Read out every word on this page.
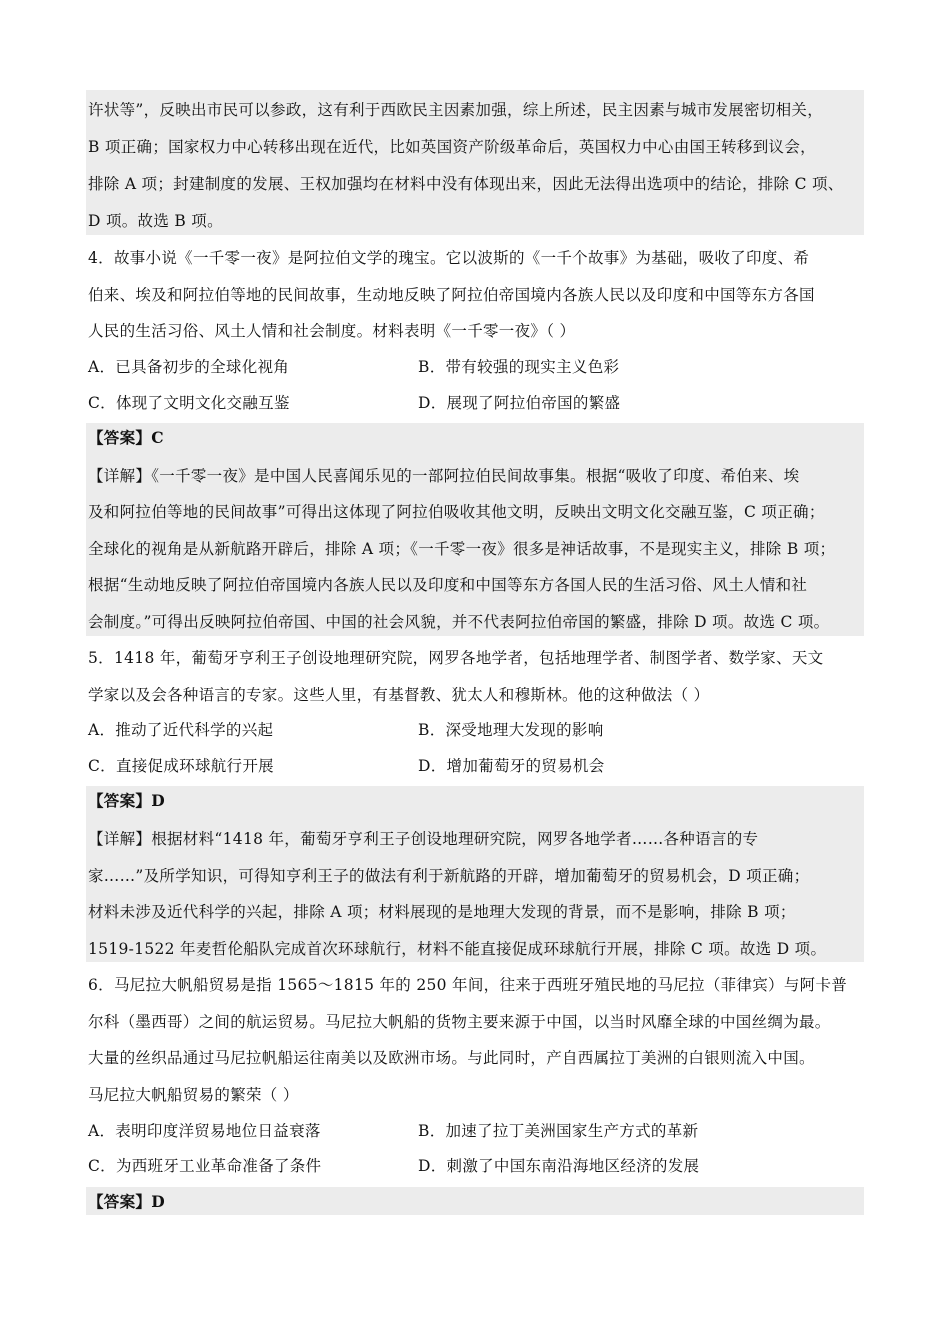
许状等”，反映出市民可以参政，这有利于西欧民主因素加强，综上所述，民主因素与城市发展密切相关，
B 项正确；国家权力中心转移出现在近代，比如英国资产阶级革命后，英国权力中心由国王转移到议会，
排除 A 项；封建制度的发展、王权加强均在材料中没有体现出来，因此无法得出选项中的结论，排除 C 项、
D 项。故选 B 项。
4．故事小说《一千零一夜》是阿拉伯文学的瑰宝。它以波斯的《一千个故事》为基础，吸收了印度、希
伯来、埃及和阿拉伯等地的民间故事，生动地反映了阿拉伯帝国境内各族人民以及印度和中国等东方各国
人民的生活习俗、风土人情和社会制度。材料表明《一千零一夜》（ ）
A．已具备初步的全球化视角	B．带有较强的现实主义色彩
C．体现了文明文化交融互鉴	D．展现了阿拉伯帝国的繁盛
【答案】C
【详解】《一千零一夜》是中国人民喜闻乐见的一部阿拉伯民间故事集。根据“吸收了印度、希伯来、埃
及和阿拉伯等地的民间故事”可得出这体现了阿拉伯吸收其他文明，反映出文明文化交融互鉴，C 项正确；
全球化的视角是从新航路开辟后，排除 A 项；《一千零一夜》很多是神话故事，不是现实主义，排除 B 项；
根据“生动地反映了阿拉伯帝国境内各族人民以及印度和中国等东方各国人民的生活习俗、风土人情和社
会制度。”可得出反映阿拉伯帝国、中国的社会风貌，并不代表阿拉伯帝国的繁盛，排除 D 项。故选 C 项。
5．1418 年，葡萄牙亨利王子创设地理研究院，网罗各地学者，包括地理学者、制图学者、数学家、天文
学家以及会各种语言的专家。这些人里，有基督教、犹太人和穆斯林。他的这种做法（ ）
A．推动了近代科学的兴起	B．深受地理大发现的影响
C．直接促成环球航行开展	D．增加葡萄牙的贸易机会
【答案】D
【详解】根据材料“1418 年，葡萄牙亨利王子创设地理研究院，网罗各地学者……各种语言的专
家……”及所学知识，可得知亨利王子的做法有利于新航路的开辟，增加葡萄牙的贸易机会，D 项正确；
材料未涉及近代科学的兴起，排除 A 项；材料展现的是地理大发现的背景，而不是影响，排除 B 项；
1519-1522 年麦哲伦船队完成首次环球航行，材料不能直接促成环球航行开展，排除 C 项。故选 D 项。
6．马尼拉大帆船贸易是指 1565～1815 年的 250 年间，往来于西班牙殖民地的马尼拉（菲律宾）与阿卡普
尔科（墨西哥）之间的航运贸易。马尼拉大帆船的货物主要来源于中国，以当时风靡全球的中国丝绸为最。
大量的丝织品通过马尼拉帆船运往南美以及欧洲市场。与此同时，产自西属拉丁美洲的白银则流入中国。
马尼拉大帆船贸易的繁荣（ ）
A．表明印度洋贸易地位日益衰落	B．加速了拉丁美洲国家生产方式的革新
C．为西班牙工业革命准备了条件	D．刺激了中国东南沿海地区经济的发展
【答案】D
